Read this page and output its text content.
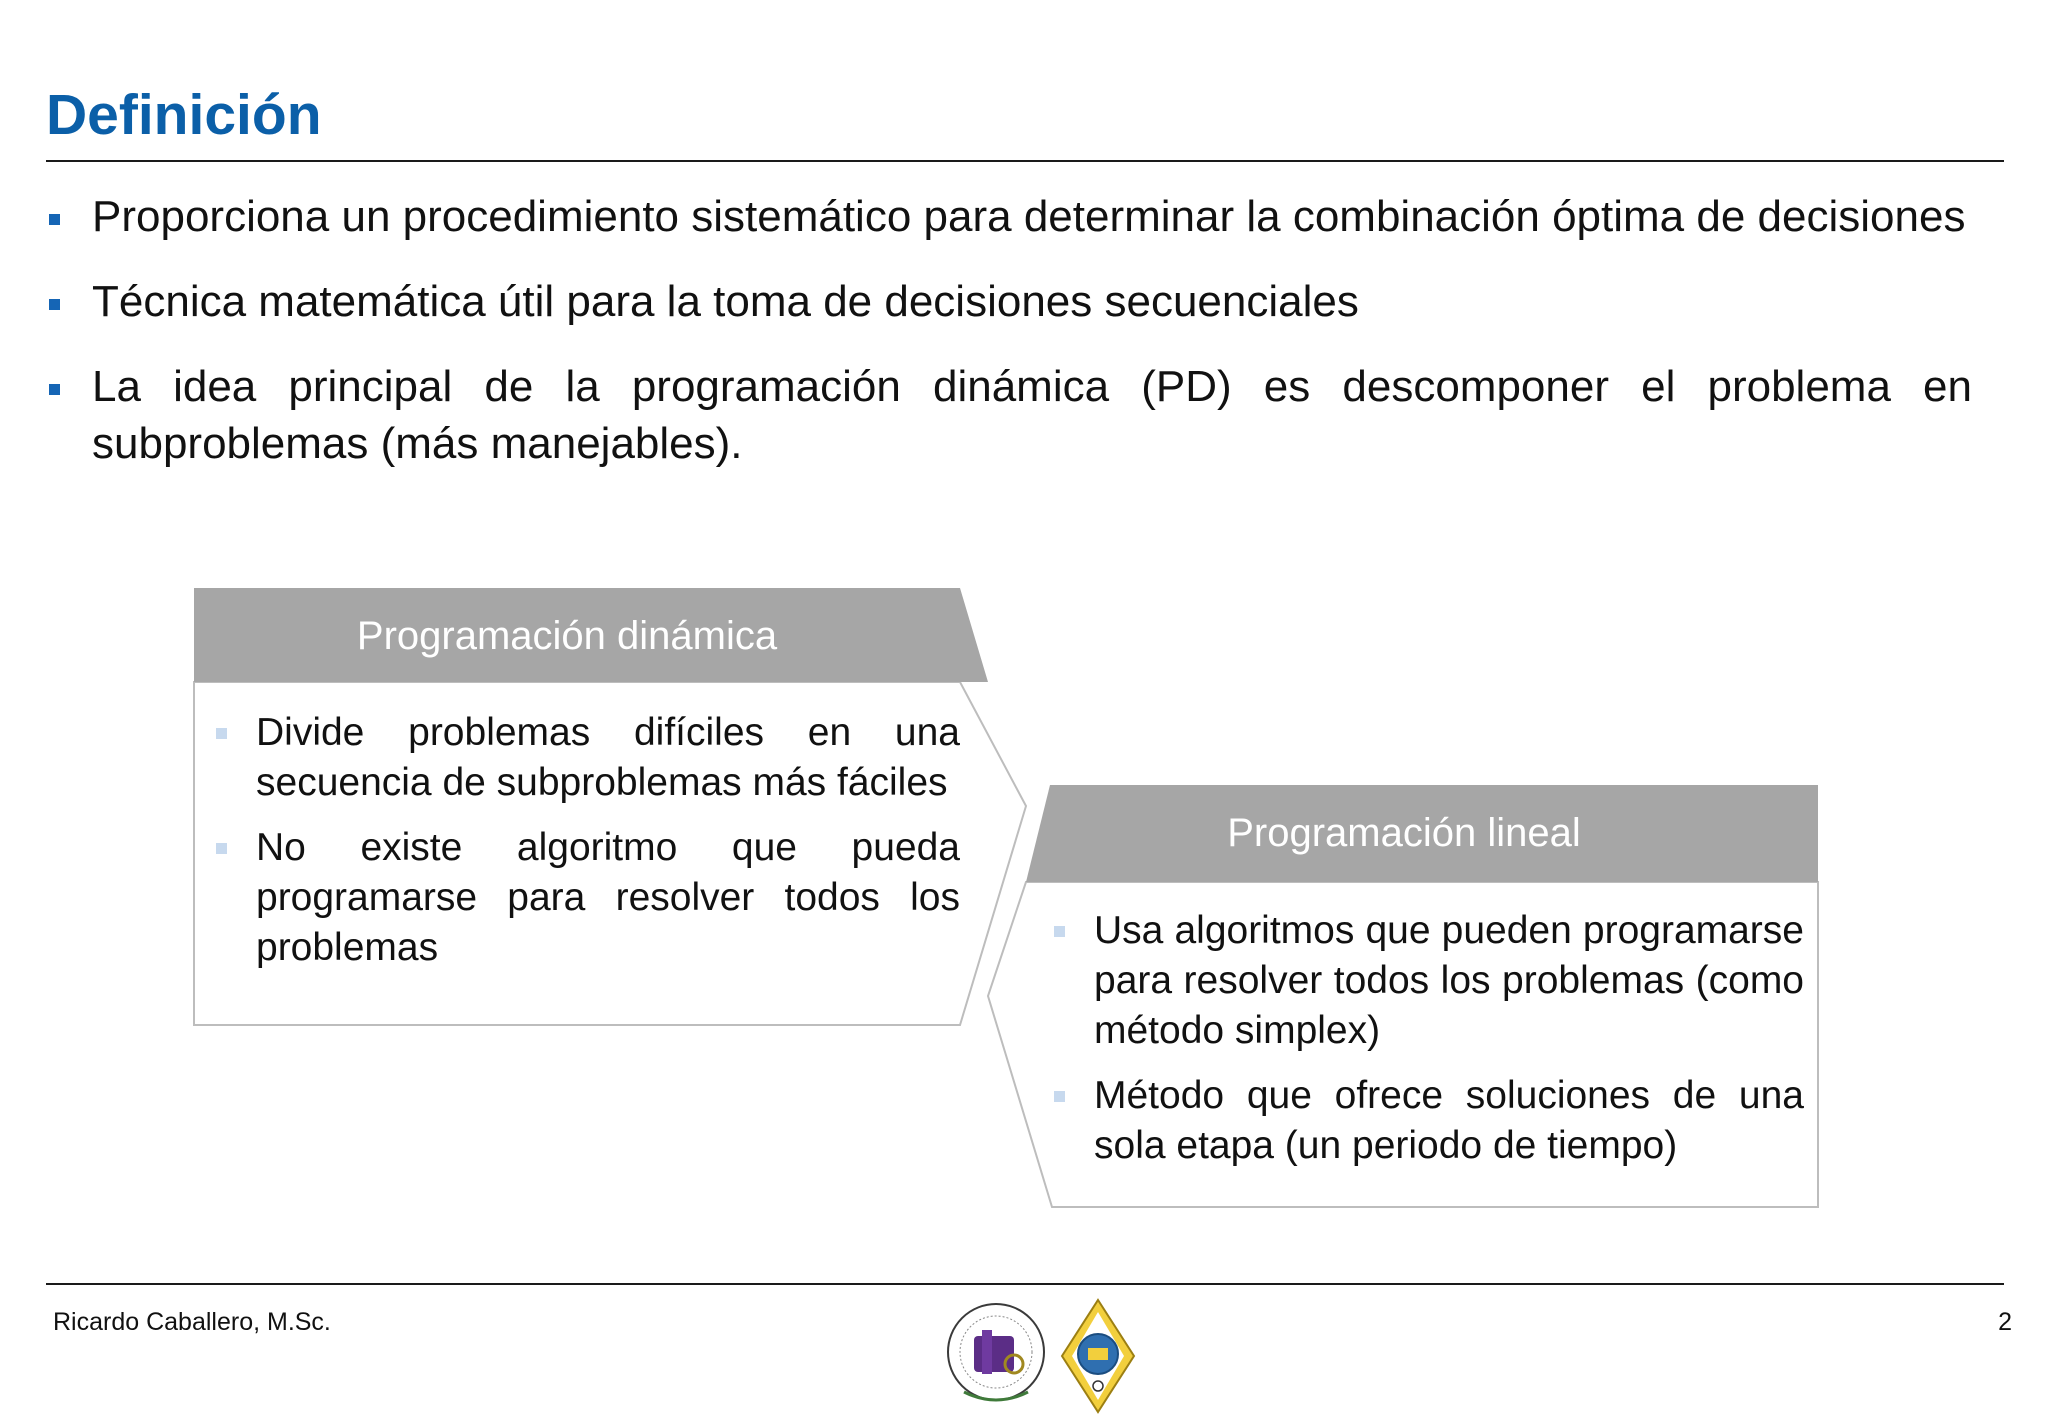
Definición
Proporciona un procedimiento sistemático para determinar la combinación óptima de decisiones
Técnica matemática útil para la toma de decisiones secuenciales
La idea principal de la programación dinámica (PD) es descomponer el problema en subproblemas (más manejables).
Programación dinámica
Divide problemas difíciles en una secuencia de subproblemas más fáciles
No existe algoritmo que pueda programarse para resolver todos los problemas
Programación lineal
Usa algoritmos que pueden programarse para resolver todos los problemas (como método simplex)
Método que ofrece soluciones de una sola etapa (un periodo de tiempo)
Ricardo Caballero, M.Sc.	2
